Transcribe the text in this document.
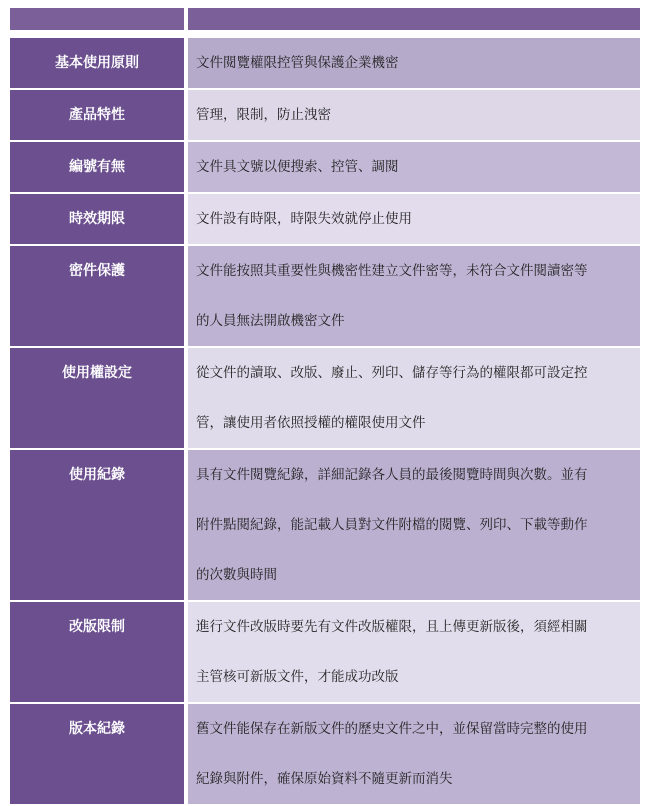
基本使用原則		文件閱覽權限控管與保護企業機密

產品特性		管理，限制，防止洩密

編號有無		文件具文號以便搜索、控管、調閱

時效期限		文件設有時限，時限失效就停止使用

密件保護		文件能按照其重要性與機密性建立文件密等，未符合文件閱讀密等
的人員無法開啟機密文件

使用權設定		從文件的讀取、改版、廢止、列印、儲存等行為的權限都可設定控
管，讓使用者依照授權的權限使用文件

使用紀錄		具有文件閱覽紀錄，詳細記錄各人員的最後閱覽時間與次數。並有
附件點閱紀錄，能記載人員對文件附檔的閱覽、列印、下載等動作
的次數與時間

改版限制		進行文件改版時要先有文件改版權限，且上傳更新版後，須經相關
主管核可新版文件，才能成功改版

版本紀錄		舊文件能保存在新版文件的歷史文件之中，並保留當時完整的使用
紀錄與附件，確保原始資料不隨更新而消失
